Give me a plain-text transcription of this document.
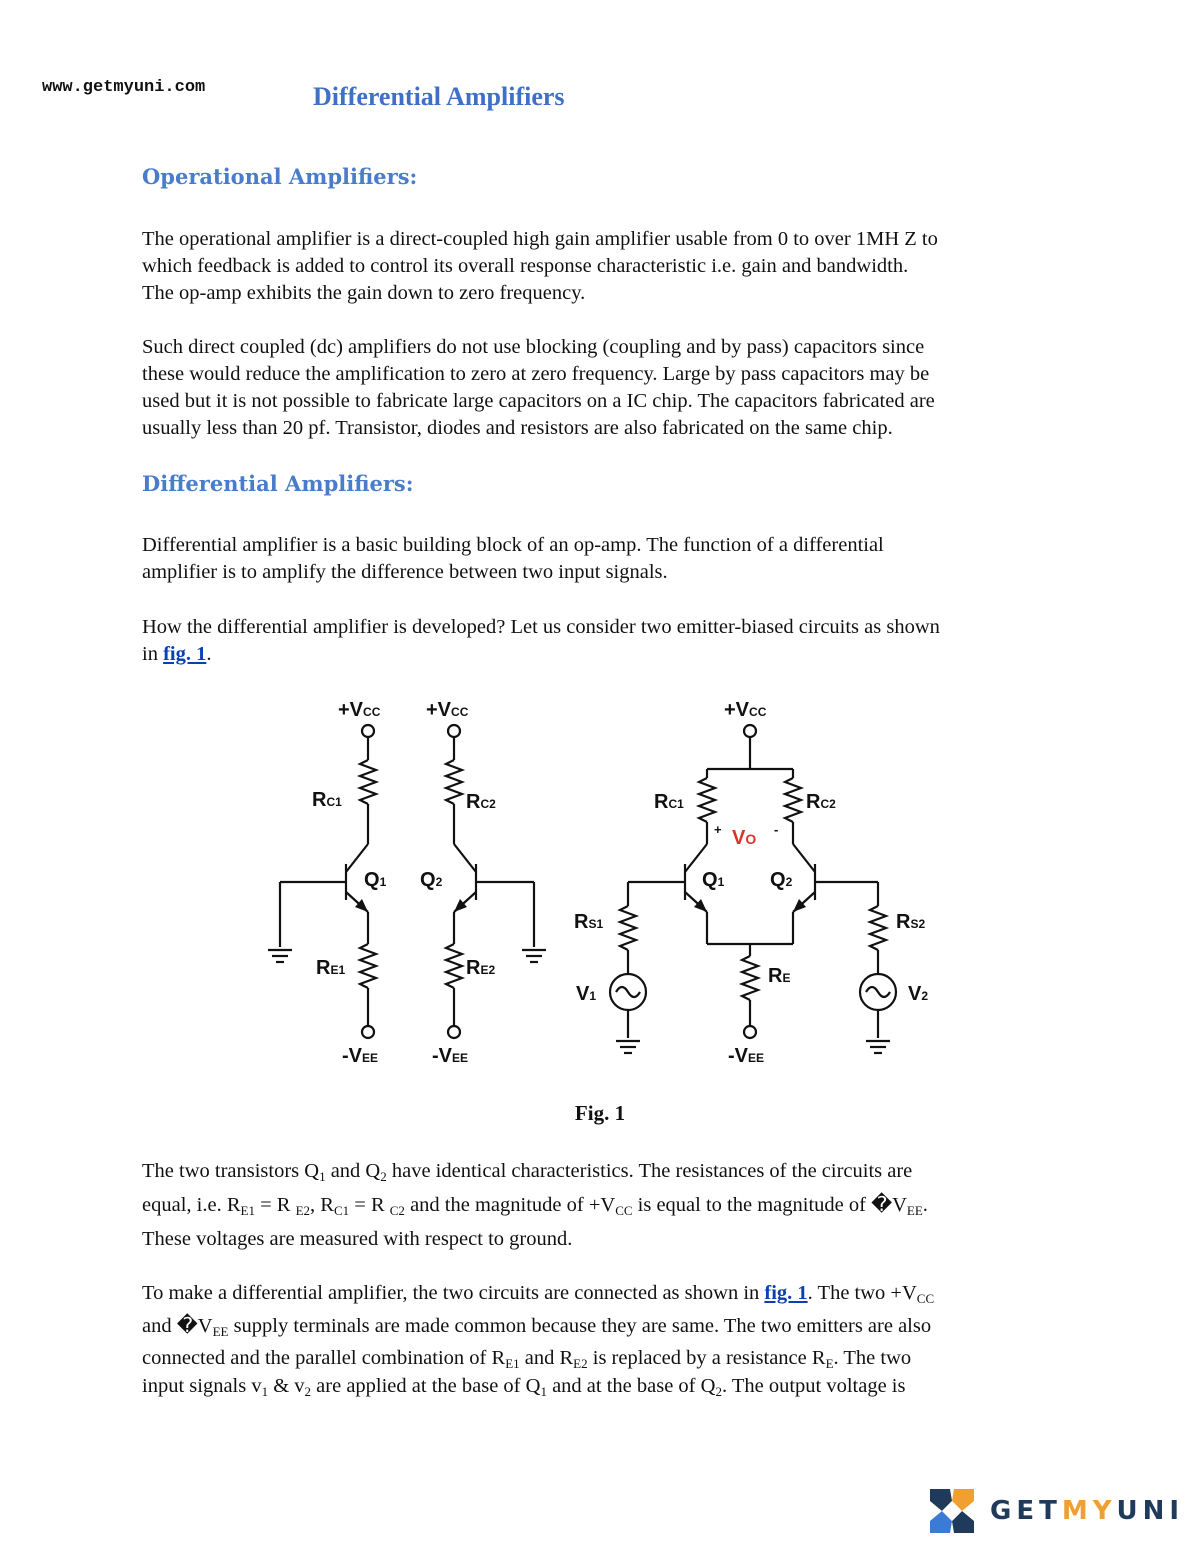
www.getmyuni.com	Differential Amplifiers
Operational Amplifiers:
The operational amplifier is a direct-coupled high gain amplifier usable from 0 to over 1MH Z to
which feedback is added to control its overall response characteristic i.e. gain and bandwidth.
The op-amp exhibits the gain down to zero frequency.
Such direct coupled (dc) amplifiers do not use blocking (coupling and by pass) capacitors since
these would reduce the amplification to zero at zero frequency. Large by pass capacitors may be
used but it is not possible to fabricate large capacitors on a IC chip. The capacitors fabricated are
usually less than 20 pf. Transistor, diodes and resistors are also fabricated on the same chip.
Differential Amplifiers:
Differential amplifier is a basic building block of an op-amp. The function of a differential
amplifier is to amplify the difference between two input signals.
How the differential amplifier is developed? Let us consider two emitter-biased circuits as shown
in fig. 1.
+VCC
RC1
Q1
RE1
-VEE
+VCC
RC2
Q2
RE2
-VEE
+VCC
RC1	RC2
+ VO
-
Q1 Q2
RE
-VEE
RS1
V1
RS2
V2
Fig. 1
The two transistors $Q_1$ and $Q_2$ have identical characteristics. The resistances of the circuits are
equal, i.e. $R_{E1} = R$ $_{E2}$, $R_{C1} = R$ $_{C2}$ and the magnitude of $+V_{CC}$ is equal to the magnitude of $�V_{EE}$.
These voltages are measured with respect to ground.
To make a differential amplifier, the two circuits are connected as shown in fig. 1. The two $+V_{CC}$
and $�V_{EE}$ supply terminals are made common because they are same. The two emitters are also
connected and the parallel combination of $R_{E1}$ and $R_{E2}$ is replaced by a resistance $R_E$. The two
input signals $v_1$ & $v_2$ are applied at the base of $Q_1$ and at the base of $Q_2$. The output voltage is
GETMYUNI
